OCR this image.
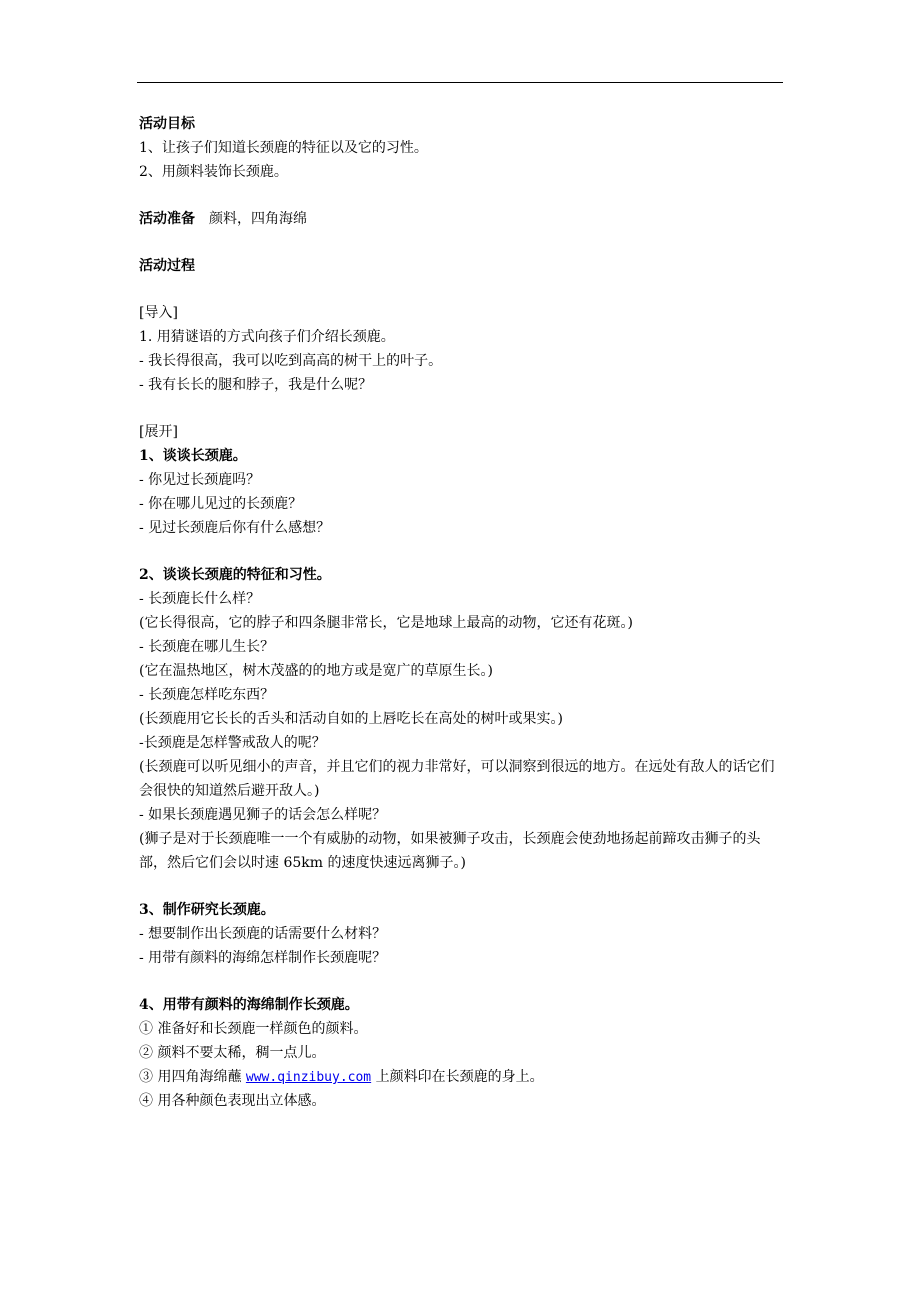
活动目标
1、让孩子们知道长颈鹿的特征以及它的习性。
2、用颜料装饰长颈鹿。
活动准备 颜料，四角海绵
活动过程
[导入]
1. 用猜谜语的方式向孩子们介绍长颈鹿。
- 我长得很高，我可以吃到高高的树干上的叶子。
- 我有长长的腿和脖子，我是什么呢？
[展开]
1、谈谈长颈鹿。
- 你见过长颈鹿吗？
- 你在哪儿见过的长颈鹿？
- 见过长颈鹿后你有什么感想？
2、谈谈长颈鹿的特征和习性。
- 长颈鹿长什么样？
(它长得很高，它的脖子和四条腿非常长，它是地球上最高的动物，它还有花斑。)
- 长颈鹿在哪儿生长？
(它在温热地区，树木茂盛的的地方或是宽广的草原生长。)
- 长颈鹿怎样吃东西？
(长颈鹿用它长长的舌头和活动自如的上唇吃长在高处的树叶或果实。)
-长颈鹿是怎样警戒敌人的呢？
(长颈鹿可以听见细小的声音，并且它们的视力非常好，可以洞察到很远的地方。在远处有敌人的话它们会很快的知道然后避开敌人。)
- 如果长颈鹿遇见狮子的话会怎么样呢？
(狮子是对于长颈鹿唯一一个有威胁的动物，如果被狮子攻击，长颈鹿会使劲地扬起前蹄攻击狮子的头部，然后它们会以时速 65km 的速度快速远离狮子。)
3、制作研究长颈鹿。
- 想要制作出长颈鹿的话需要什么材料？
- 用带有颜料的海绵怎样制作长颈鹿呢？
4、用带有颜料的海绵制作长颈鹿。
① 准备好和长颈鹿一样颜色的颜料。
② 颜料不要太稀，稠一点儿。
③ 用四角海绵蘸 www.qinzibuy.com 上颜料印在长颈鹿的身上。
④ 用各种颜色表现出立体感。
